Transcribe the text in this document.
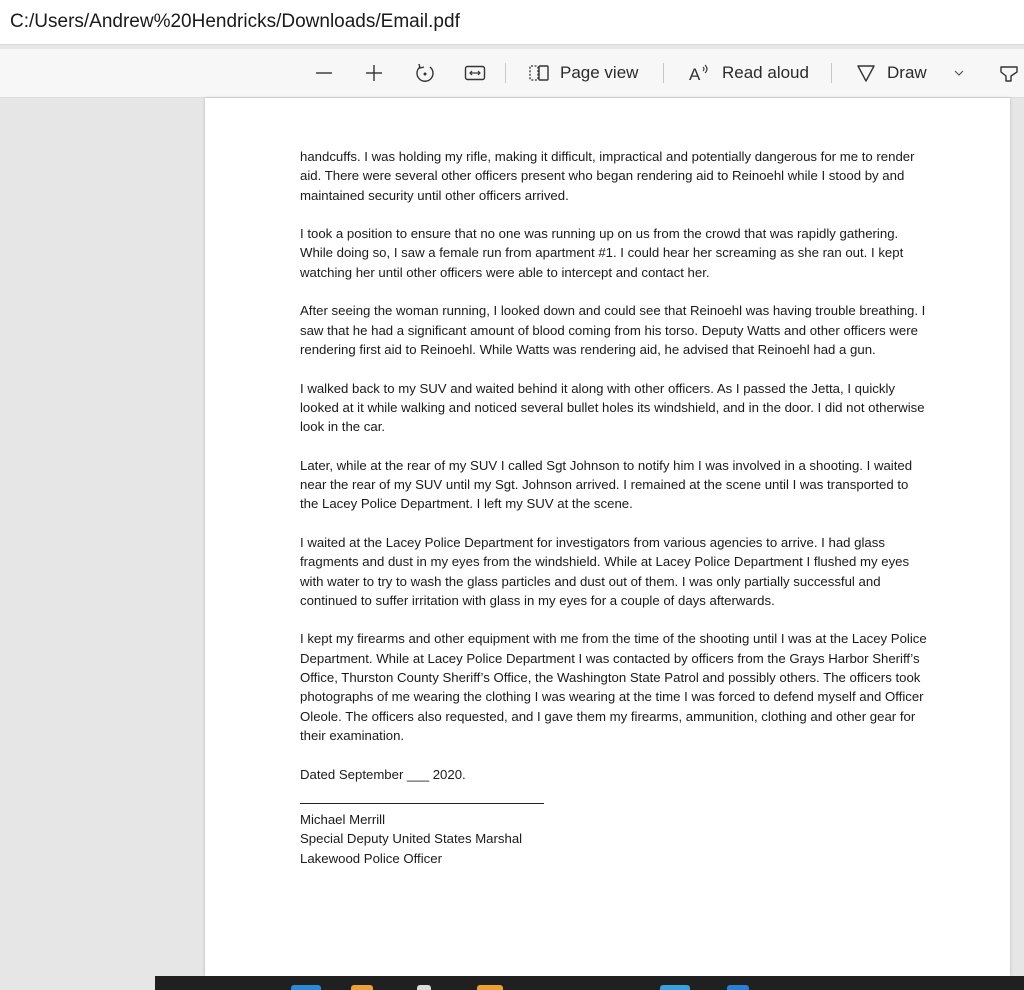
C:/Users/Andrew%20Hendricks/Downloads/Email.pdf
Page view	A Read aloud	Draw

handcuffs. I was holding my rifle, making it difficult, impractical and potentially dangerous for me to render aid. There were several other officers present who began rendering aid to Reinoehl while I stood by and maintained security until other officers arrived.

I took a position to ensure that no one was running up on us from the crowd that was rapidly gathering. While doing so, I saw a female run from apartment #1. I could hear her screaming as she ran out. I kept watching her until other officers were able to intercept and contact her.

After seeing the woman running, I looked down and could see that Reinoehl was having trouble breathing. I saw that he had a significant amount of blood coming from his torso. Deputy Watts and other officers were rendering first aid to Reinoehl. While Watts was rendering aid, he advised that Reinoehl had a gun.

I walked back to my SUV and waited behind it along with other officers. As I passed the Jetta, I quickly looked at it while walking and noticed several bullet holes its windshield, and in the door. I did not otherwise look in the car.

Later, while at the rear of my SUV I called Sgt Johnson to notify him I was involved in a shooting. I waited near the rear of my SUV until my Sgt. Johnson arrived. I remained at the scene until I was transported to the Lacey Police Department. I left my SUV at the scene.

I waited at the Lacey Police Department for investigators from various agencies to arrive. I had glass fragments and dust in my eyes from the windshield. While at Lacey Police Department I flushed my eyes with water to try to wash the glass particles and dust out of them. I was only partially successful and continued to suffer irritation with glass in my eyes for a couple of days afterwards.

I kept my firearms and other equipment with me from the time of the shooting until I was at the Lacey Police Department. While at Lacey Police Department I was contacted by officers from the Grays Harbor Sheriff’s Office, Thurston County Sheriff’s Office, the Washington State Patrol and possibly others. The officers took photographs of me wearing the clothing I was wearing at the time I was forced to defend myself and Officer Oleole. The officers also requested, and I gave them my firearms, ammunition, clothing and other gear for their examination.

Dated September ___ 2020.

Michael Merrill

Special Deputy United States Marshal

Lakewood Police Officer
